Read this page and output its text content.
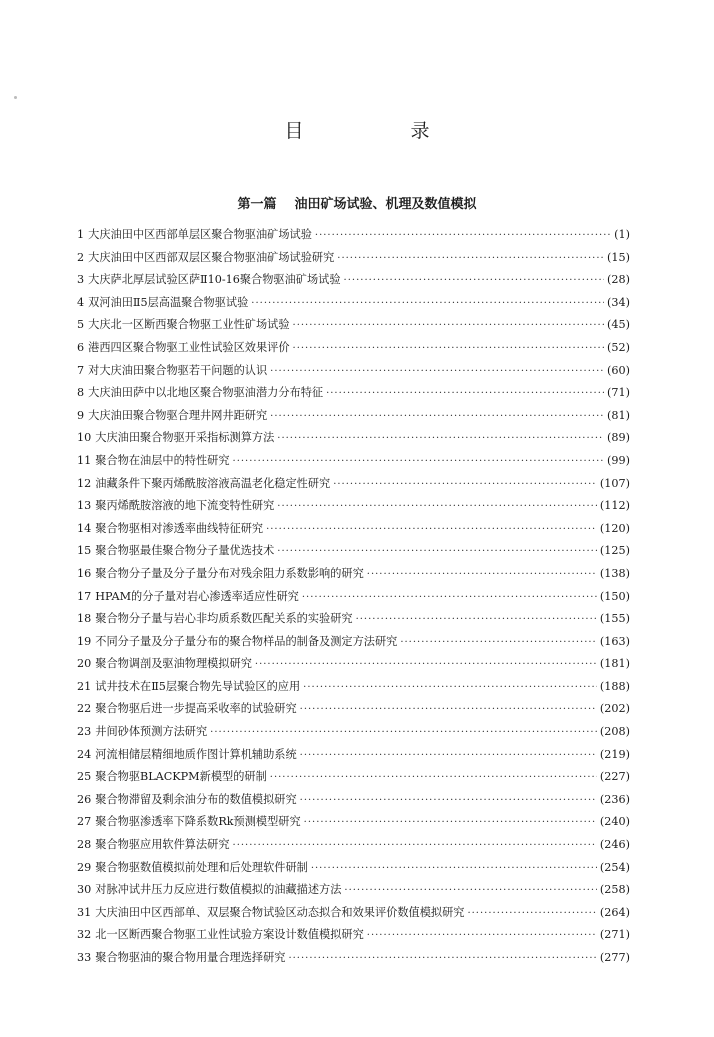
目　录
第一篇 油田矿场试验、机理及数值模拟
1 大庆油田中区西部单层区聚合物驱油矿场试验 ·····	(1)
2 大庆油田中区西部双层区聚合物驱油矿场试验研究 ·····	(15)
3 大庆萨北厚层试验区萨Ⅱ10-16聚合物驱油矿场试验 ·····	(28)
4 双河油田Ⅱ5层高温聚合物驱试验 ·····	(34)
5 大庆北一区断西聚合物驱工业性矿场试验 ·····	(45)
6 港西四区聚合物驱工业性试验区效果评价 ·····	(52)
7 对大庆油田聚合物驱若干问题的认识 ·····	(60)
8 大庆油田萨中以北地区聚合物驱油潜力分布特征 ·····	(71)
9 大庆油田聚合物驱合理井网井距研究 ·····	(81)
10 大庆油田聚合物驱开采指标测算方法 ·····	(89)
11 聚合物在油层中的特性研究 ·····	(99)
12 油藏条件下聚丙烯酰胺溶液高温老化稳定性研究 ·····	(107)
13 聚丙烯酰胺溶液的地下流变特性研究 ·····	(112)
14 聚合物驱相对渗透率曲线特征研究 ·····	(120)
15 聚合物驱最佳聚合物分子量优选技术 ·····	(125)
16 聚合物分子量及分子量分布对残余阻力系数影响的研究 ·····	(138)
17 HPAM的分子量对岩心渗透率适应性研究 ·····	(150)
18 聚合物分子量与岩心非均质系数匹配关系的实验研究 ·····	(155)
19 不同分子量及分子量分布的聚合物样品的制备及测定方法研究 ·····	(163)
20 聚合物调剖及驱油物理模拟研究 ·····	(181)
21 试井技术在Ⅱ5层聚合物先导试验区的应用 ·····	(188)
22 聚合物驱后进一步提高采收率的试验研究 ·····	(202)
23 井间砂体预测方法研究 ·····	(208)
24 河流相储层精细地质作图计算机辅助系统 ·····	(219)
25 聚合物驱BLACKPM新模型的研制 ·····	(227)
26 聚合物滞留及剩余油分布的数值模拟研究 ·····	(236)
27 聚合物驱渗透率下降系数Rk预测模型研究 ·····	(240)
28 聚合物驱应用软件算法研究 ·····	(246)
29 聚合物驱数值模拟前处理和后处理软件研制 ·····	(254)
30 对脉冲试井压力反应进行数值模拟的油藏描述方法 ·····	(258)
31 大庆油田中区西部单、双层聚合物试验区动态拟合和效果评价数值模拟研究 ·····	(264)
32 北一区断西聚合物驱工业性试验方案设计数值模拟研究 ·····	(271)
33 聚合物驱油的聚合物用量合理选择研究 ·····	(277)
